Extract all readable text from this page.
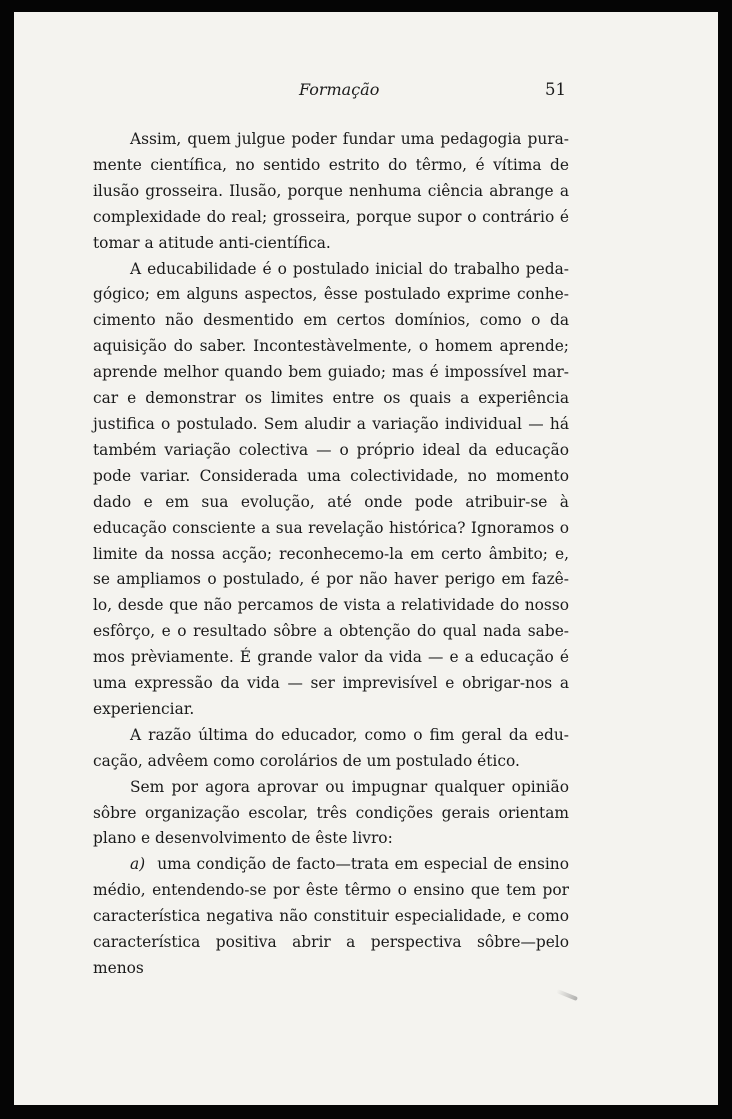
Formação	51

Assim, quem julgue poder fundar uma pedagogia puramente científica, no sentido estrito do têrmo, é vítima de ilusão grosseira. Ilusão, porque nenhuma ciência abrange a complexidade do real; grosseira, porque supor o contrário é tomar a atitude anti-científica.

A educabilidade é o postulado inicial do trabalho pedagógico; em alguns aspectos, êsse postulado exprime conhecimento não desmentido em certos domínios, como o da aquisição do saber. Incontestàvelmente, o homem aprende; aprende melhor quando bem guiado; mas é impossível marcar e demonstrar os limites entre os quais a experiência justifica o postulado. Sem aludir a variação individual — há também variação colectiva — o próprio ideal da educação pode variar. Considerada uma colectividade, no momento dado e em sua evolução, até onde pode atribuir-se à educação consciente a sua revelação histórica? Ignoramos o limite da nossa acção; reconhecemo-la em certo âmbito; e, se ampliamos o postulado, é por não haver perigo em fazê-lo, desde que não percamos de vista a relatividade do nosso esfôrço, e o resultado sôbre a obtenção do qual nada sabemos prèviamente. É grande valor da vida — e a educação é uma expressão da vida — ser imprevisível e obrigar-nos a experienciar.

A razão última do educador, como o fim geral da educação, advêem como corolários de um postulado ético.

Sem por agora aprovar ou impugnar qualquer opinião sôbre organização escolar, três condições gerais orientam plano e desenvolvimento de êste livro:

a) uma condição de facto—trata em especial de ensino médio, entendendo-se por êste têrmo o ensino que tem por característica negativa não constituir especialidade, e como característica positiva abrir a perspectiva sôbre—pelo menos
